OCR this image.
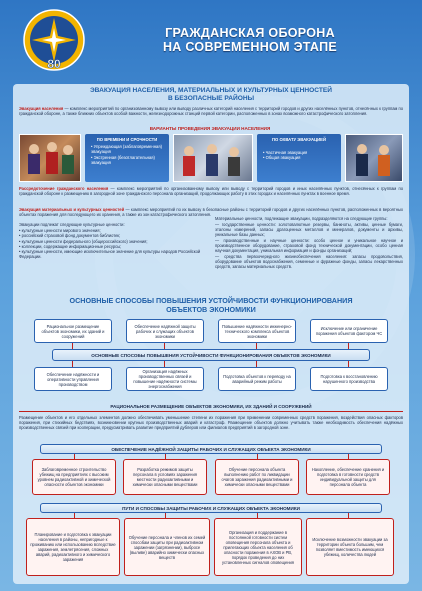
80
ГРАЖДАНСКАЯ ОБОРОНА
НА СОВРЕМЕННОМ ЭТАПЕ
ЭВАКУАЦИЯ НАСЕЛЕНИЯ, МАТЕРИАЛЬНЫХ И КУЛЬТУРНЫХ ЦЕННОСТЕЙ
В БЕЗОПАСНЫЕ РАЙОНЫ
Эвакуация населения — комплекс мероприятий по организованному вывозу или выводу различных категорий населения с территорий городов и других населённых пунктов, отнесённых к группам по гражданской обороне, а также ближних объектов особой важности, железнодорожных станций первой категории, расположенных в зонах возможного катастрофического затопления.
ВАРИАНТЫ ПРОВЕДЕНИЯ ЭВАКУАЦИИ НАСЕЛЕНИЯ
ПО ВРЕМЕНИ И СРОЧНОСТИ
• Упреждающая (заблаговременная) эвакуация
• Экстренная (безотлагательная) эвакуация
ПО ОХВАТУ ЭВАКУАЦИЕЙ
• Частичная эвакуация
• Общая эвакуация
Рассредоточение гражданского населения — комплекс мероприятий по организованному вывозу или выводу с территорий городов и иных населённых пунктов, отнесённых к группам по гражданской обороне к размещению в загородной зоне гражданского персонала организаций, продолжающих работу в этих городах и населённых пунктах в военное время.
Эвакуация материальных и культурных ценностей — комплекс мероприятий по их вывозу в безопасные районы с территорий городов и других населённых пунктов, расположенных в вероятных объектах поражения для последующего их хранения, а также из зон катастрофического затопления.
Эвакуации подлежат следующие культурные ценности:
• культурные ценности мирового значения;
• российский страховой фонд документов библиотек;
• культурные ценности федерального (общероссийского) значения;
• коллекции, содержащие информационные ресурсы;
• культурные ценности, имеющие исключительное значение для культуры народов Российской Федерации.

Материальные ценности, подлежащие эвакуации, подразделяются на следующие группы:

— государственные ценности: золотовалютные резервы, банкноты, активы, ценные бумаги, эталоны измерений, запасы драгоценных металлов и минералов, документы и архивы, уникальные базы данных;

— производственные и научные ценности: особо ценное и уникальное научное и производственное оборудование, страховой фонд технической документации, особо ценная научная документация, уникальная информация и фонды организаций;

— средства первоочередного жизнеобеспечения населения: запасы продовольствия, оборудование объектов водоснабжения, семенные и фуражные фонды, запасы лекарственных средств, запасы материальных средств.

ОСНОВНЫЕ СПОСОБЫ ПОВЫШЕНИЯ УСТОЙЧИВОСТИ ФУНКЦИОНИРОВАНИЯ
ОБЪЕКТОВ ЭКОНОМИКИ
Рациональное размещение объектов экономики, их зданий и сооружений
Обеспечение надёжной защиты рабочих и служащих объектов экономики
Повышение надёжности инженерно-технического комплекса объектов экономики
Исключение или ограничение поражения объектов фактором ЧС
ОСНОВНЫЕ СПОСОБЫ ПОВЫШЕНИЯ УСТОЙЧИВОСТИ ФУНКЦИОНИРОВАНИЯ ОБЪЕКТОВ ЭКОНОМИКИ
Обеспечение надёжности и оперативности управления производством
Организация надёжных производственных связей и повышение надёжности системы энергоснабжения
Подготовка объектов к переводу на аварийный режим работы
Подготовка к восстановлению нарушенного производства
РАЦИОНАЛЬНОЕ РАЗМЕЩЕНИЕ ОБЪЕКТОВ ЭКОНОМИКИ, ИХ ЗДАНИЙ И СООРУЖЕНИЙ
Размещение объектов и его отдельных элементов должно обеспечивать уменьшение степени их поражения при применении современных средств поражения, воздействия опасных факторов поражения, при стихийных бедствиях, возникновении крупных производственных аварий и катастроф. Размещение объектов должно учитывать также необходимость обеспечения надёжных производственных связей при кооперации, предусматривать развитие предприятий дублеров или филиалов предприятий в загородной зоне.
ОБЕСПЕЧЕНИЕ НАДЁЖНОЙ ЗАЩИТЫ РАБОЧИХ И СЛУЖАЩИХ ОБЪЕКТА ЭКОНОМИКИ
Заблаговременное строительство убежищ на предприятиях с высоким уровнем радиоактивной и химической опасности объектов экономики
Разработка режимов защиты персонала в условиях заражения местности радиоактивными и химически опасными веществами
Обучение персонала объекта выполнению работ по ликвидации очагов заражения радиоактивными и химически опасными веществами
Накопление, обеспечение хранения и подготовка в готовности средств индивидуальной защиты для персонала объекта
ПУТИ И СПОСОБЫ ЗАЩИТЫ РАБОЧИХ И СЛУЖАЩИХ ОБЪЕКТА ЭКОНОМИКИ
Планирование и подготовка к эвакуации населения в районы, непригодные к проживанию или использованию вследствие заражения, землетрясения, сложных аварий, радиоактивного и химического заражения
Обучение персонала и членов их семей способам защиты при радиоактивном заражении (загрязнении), выбросе (выливе) аварийно химически опасных веществ
Организация и поддержание в постоянной готовности систем оповещения персонала объекта и прилегающих объекта населения об опасности поражения в АХОВ и РВ, порядок проведения до них установленных сигналов оповещения
Исключение возможности эвакуации за территории объекта большим, чем позволяет вместимость имеющихся убежищ, количества людей
